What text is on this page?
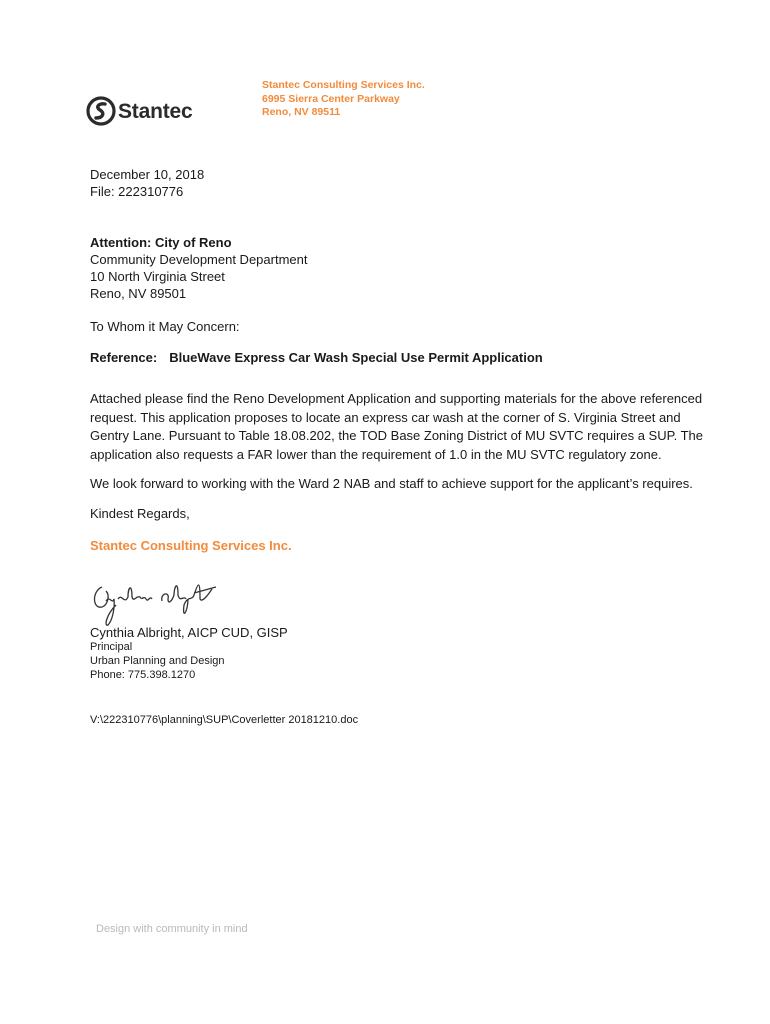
Stantec
Stantec Consulting Services Inc.
6995 Sierra Center Parkway
Reno, NV 89511
December 10, 2018
File: 222310776
Attention: City of Reno
Community Development Department
10 North Virginia Street
Reno, NV 89501
To Whom it May Concern:
Reference: BlueWave Express Car Wash Special Use Permit Application
Attached please find the Reno Development Application and supporting materials for the above referenced
request. This application proposes to locate an express car wash at the corner of S. Virginia Street and
Gentry Lane. Pursuant to Table 18.08.202, the TOD Base Zoning District of MU SVTC requires a SUP. The
application also requests a FAR lower than the requirement of 1.0 in the MU SVTC regulatory zone.
We look forward to working with the Ward 2 NAB and staff to achieve support for the applicant’s requires.
Kindest Regards,
Stantec Consulting Services Inc.
Cynthia Albright, AICP CUD, GISP
Principal
Urban Planning and Design
Phone: 775.398.1270
V:\222310776\planning\SUP\Coverletter 20181210.doc
Design with community in mind
